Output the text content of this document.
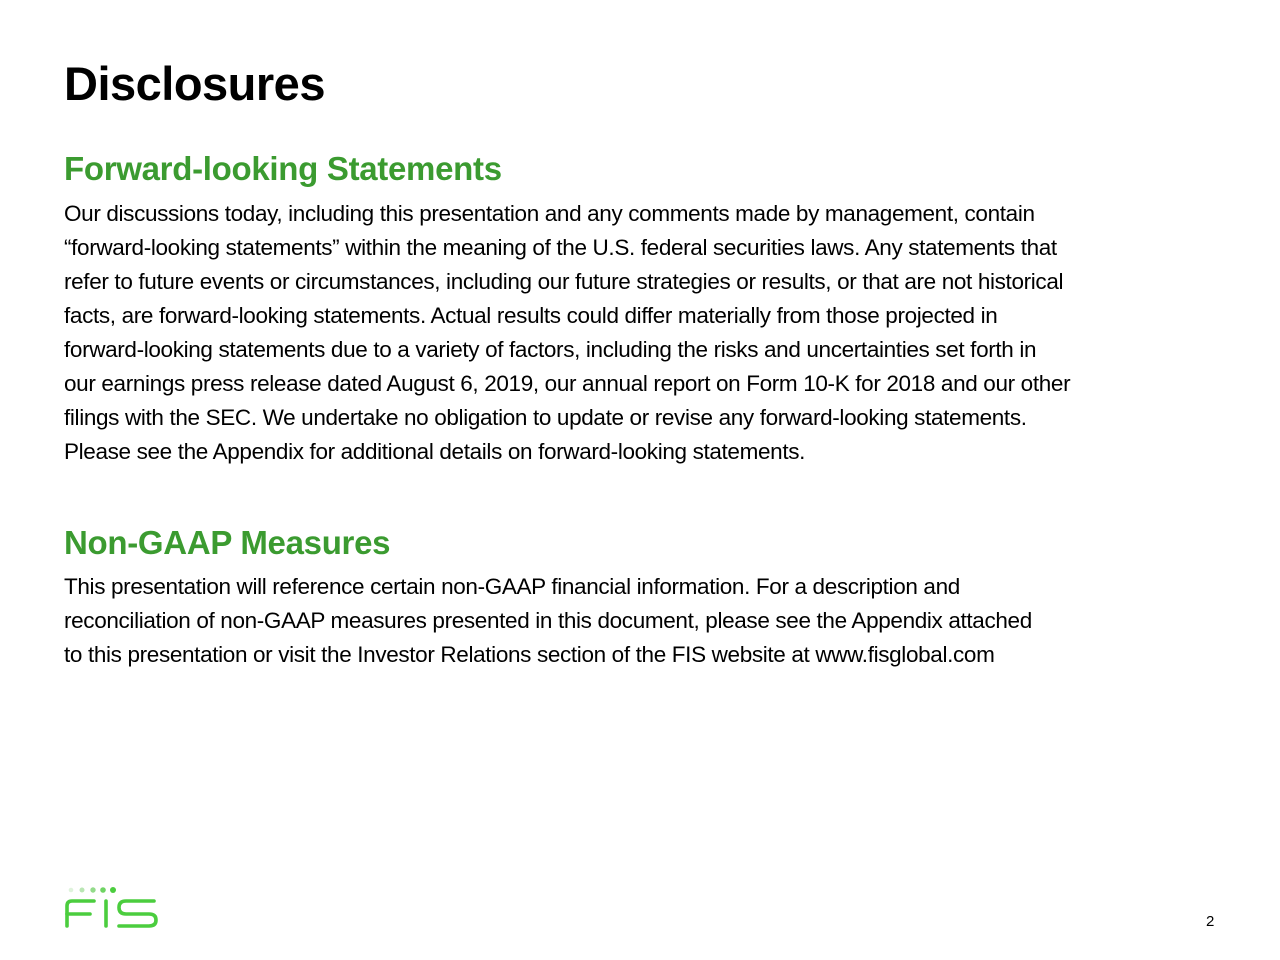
Disclosures
Forward-looking Statements
Our discussions today, including this presentation and any comments made by management, contain
“forward-looking statements” within the meaning of the U.S. federal securities laws. Any statements that
refer to future events or circumstances, including our future strategies or results, or that are not historical
facts, are forward-looking statements. Actual results could differ materially from those projected in
forward-looking statements due to a variety of factors, including the risks and uncertainties set forth in
our earnings press release dated August 6, 2019, our annual report on Form 10-K for 2018 and our other
filings with the SEC. We undertake no obligation to update or revise any forward-looking statements.
Please see the Appendix for additional details on forward-looking statements.
Non-GAAP Measures
This presentation will reference certain non-GAAP financial information. For a description and
reconciliation of non-GAAP measures presented in this document, please see the Appendix attached
to this presentation or visit the Investor Relations section of the FIS website at www.fisglobal.com
2
